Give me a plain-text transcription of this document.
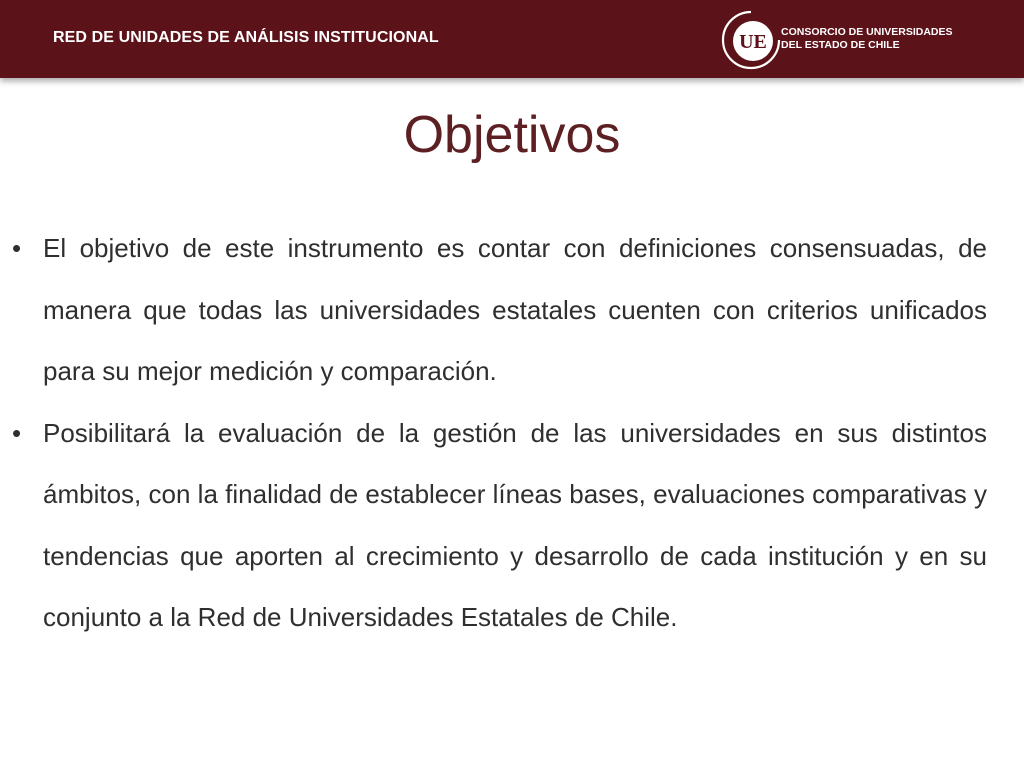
RED DE UNIDADES DE ANÁLISIS INSTITUCIONAL	UE CONSORCIO DE UNIVERSIDADES
DEL ESTADO DE CHILE
Objetivos
• El objetivo de este instrumento es contar con definiciones consensuadas, de manera que todas las universidades estatales cuenten con criterios unificados para su mejor medición y comparación.
• Posibilitará la evaluación de la gestión de las universidades en sus distintos ámbitos, con la finalidad de establecer líneas bases, evaluaciones comparativas y tendencias que aporten al crecimiento y desarrollo de cada institución y en su conjunto a la Red de Universidades Estatales de Chile.
